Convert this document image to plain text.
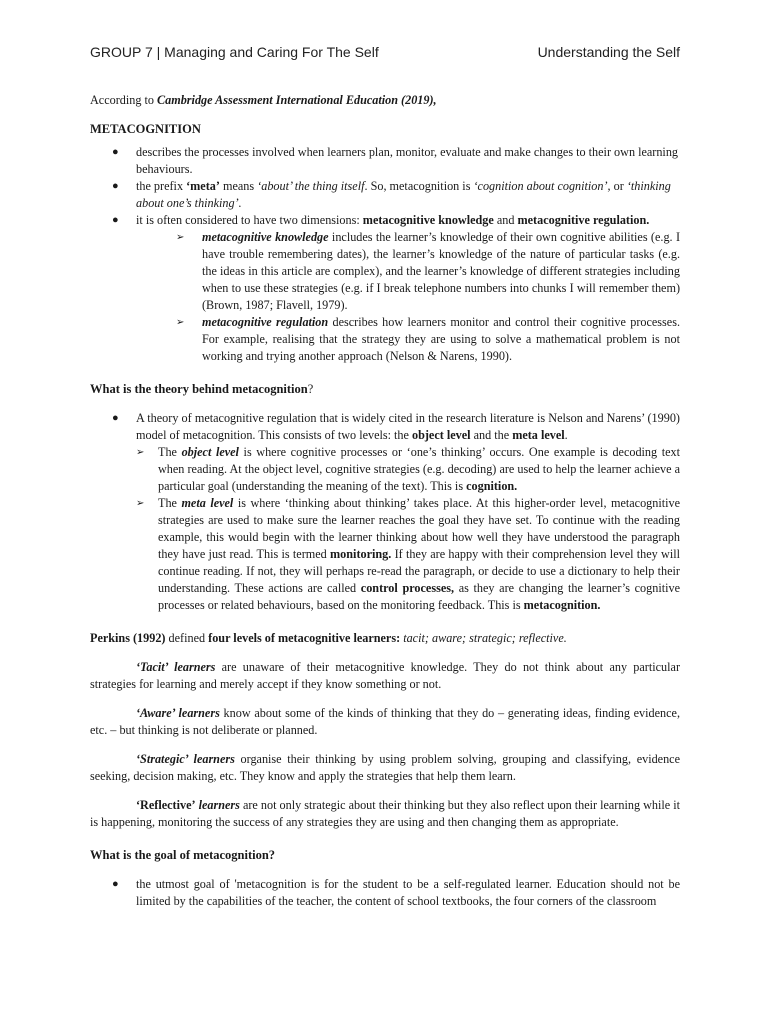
GROUP 7 | Managing and Caring For The Self	Understanding the Self

According to Cambridge Assessment International Education (2019),

METACOGNITION

● describes the processes involved when learners plan, monitor, evaluate and make changes to their own learning behaviours.
● the prefix ‘meta’ means ‘about’ the thing itself. So, metacognition is ‘cognition about cognition’, or ‘thinking about one’s thinking’.
● it is often considered to have two dimensions: metacognitive knowledge and metacognitive regulation.
➢ metacognitive knowledge includes the learner’s knowledge of their own cognitive abilities (e.g. I have trouble remembering dates), the learner’s knowledge of the nature of particular tasks (e.g. the ideas in this article are complex), and the learner’s knowledge of different strategies including when to use these strategies (e.g. if I break telephone numbers into chunks I will remember them) (Brown, 1987; Flavell, 1979).
➢ metacognitive regulation describes how learners monitor and control their cognitive processes. For example, realising that the strategy they are using to solve a mathematical problem is not working and trying another approach (Nelson & Narens, 1990).

What is the theory behind metacognition?

● A theory of metacognitive regulation that is widely cited in the research literature is Nelson and Narens’ (1990) model of metacognition. This consists of two levels: the object level and the meta level.
➢ The object level is where cognitive processes or ‘one’s thinking’ occurs. One example is decoding text when reading. At the object level, cognitive strategies (e.g. decoding) are used to help the learner achieve a particular goal (understanding the meaning of the text). This is cognition.
➢ The meta level is where ‘thinking about thinking’ takes place. At this higher-order level, metacognitive strategies are used to make sure the learner reaches the goal they have set. To continue with the reading example, this would begin with the learner thinking about how well they have understood the paragraph they have just read. This is termed monitoring. If they are happy with their comprehension level they will continue reading. If not, they will perhaps re-read the paragraph, or decide to use a dictionary to help their understanding. These actions are called control processes, as they are changing the learner’s cognitive processes or related behaviours, based on the monitoring feedback. This is metacognition.

Perkins (1992) defined four levels of metacognitive learners: tacit; aware; strategic; reflective.

‘Tacit’ learners are unaware of their metacognitive knowledge. They do not think about any particular strategies for learning and merely accept if they know something or not.

‘Aware’ learners know about some of the kinds of thinking that they do – generating ideas, finding evidence, etc. – but thinking is not deliberate or planned.

‘Strategic’ learners organise their thinking by using problem solving, grouping and classifying, evidence seeking, decision making, etc. They know and apply the strategies that help them learn.

‘Reflective’ learners are not only strategic about their thinking but they also reflect upon their learning while it is happening, monitoring the success of any strategies they are using and then changing them as appropriate.

What is the goal of metacognition?

● the utmost goal of 'metacognition is for the student to be a self-regulated learner. Education should not be limited by the capabilities of the teacher, the content of school textbooks, the four corners of the classroom
